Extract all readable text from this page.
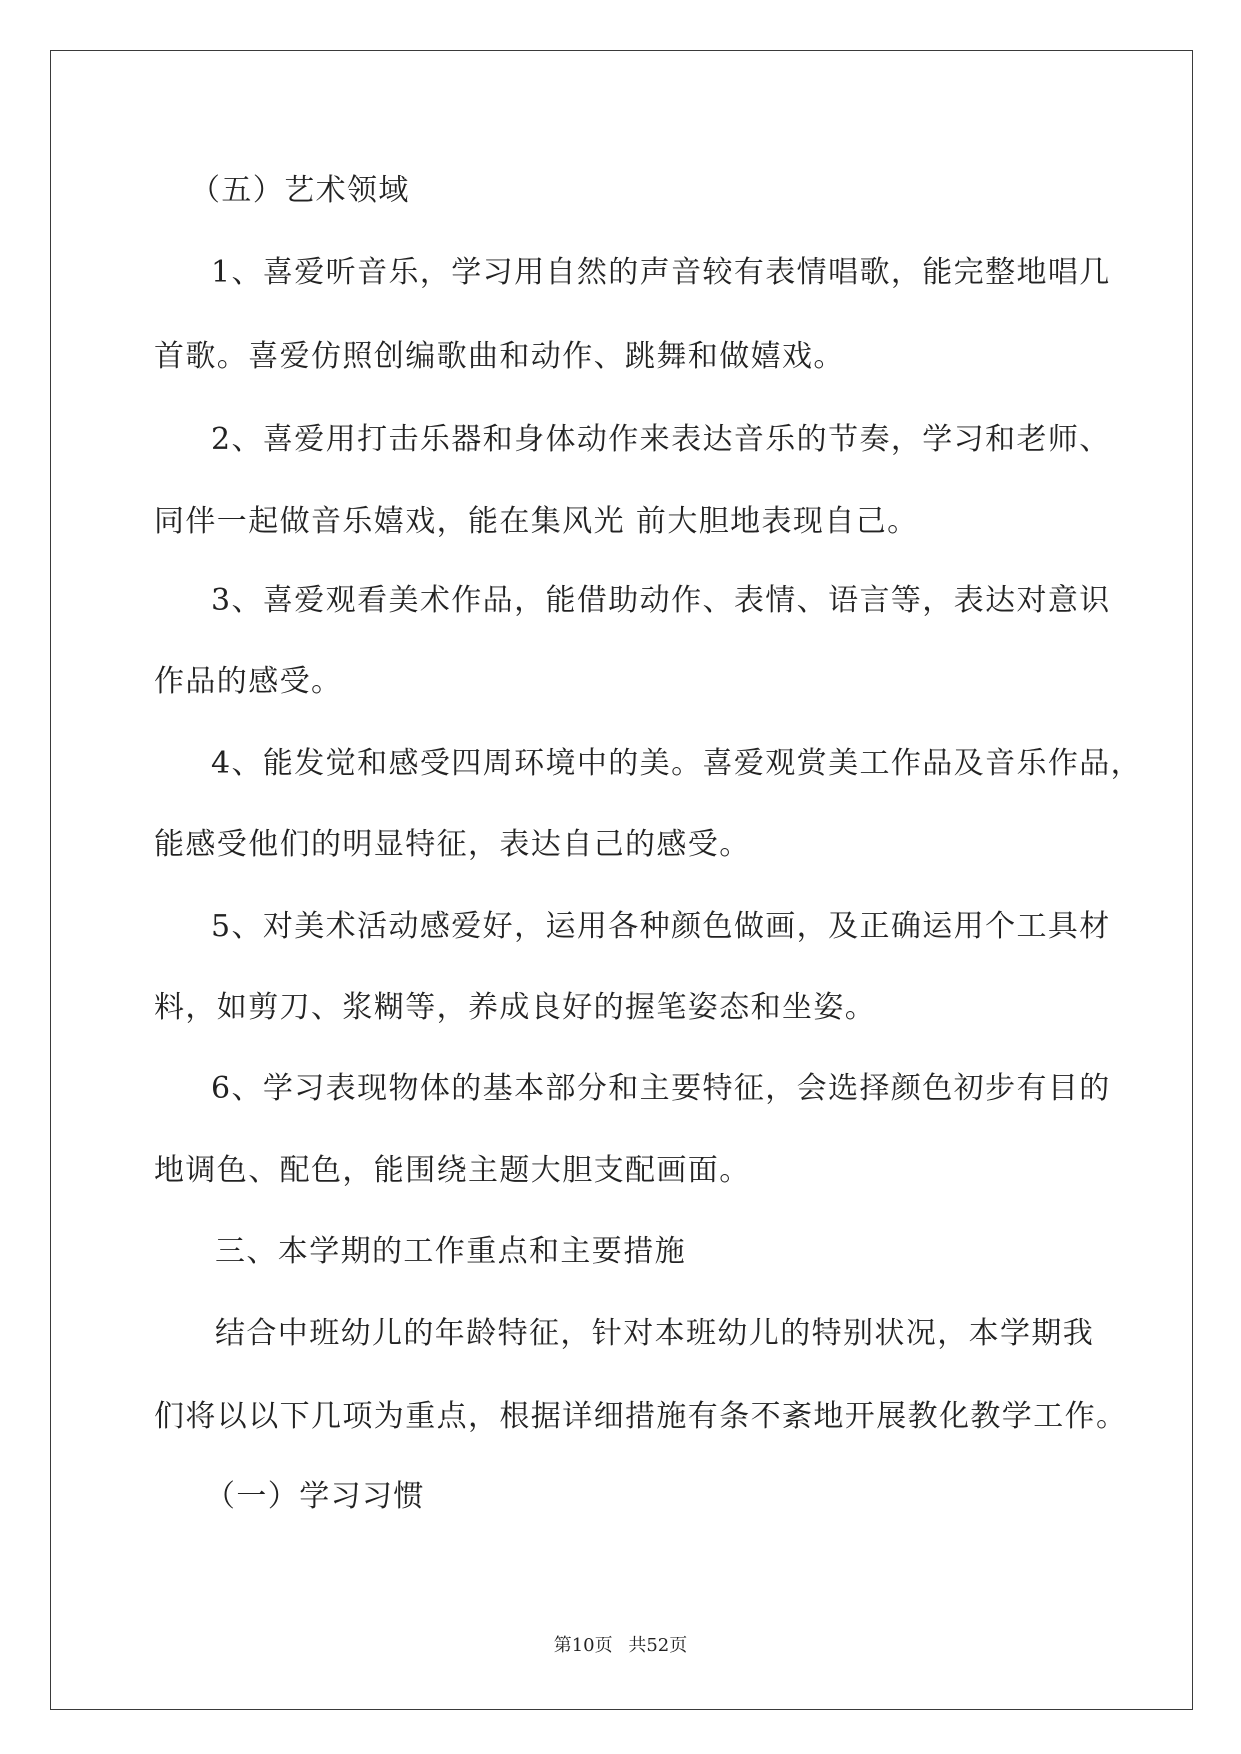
（五）艺术领域
1、喜爱听音乐，学习用自然的声音较有表情唱歌，能完整地唱几
首歌。喜爱仿照创编歌曲和动作、跳舞和做嬉戏。
2、喜爱用打击乐器和身体动作来表达音乐的节奏，学习和老师、
同伴一起做音乐嬉戏，能在集风光 前大胆地表现自己。
3、喜爱观看美术作品，能借助动作、表情、语言等，表达对意识
作品的感受。
4、能发觉和感受四周环境中的美。喜爱观赏美工作品及音乐作品，
能感受他们的明显特征，表达自己的感受。
5、对美术活动感爱好，运用各种颜色做画，及正确运用个工具材
料，如剪刀、浆糊等，养成良好的握笔姿态和坐姿。
6、学习表现物体的基本部分和主要特征，会选择颜色初步有目的
地调色、配色，能围绕主题大胆支配画面。
三、本学期的工作重点和主要措施
结合中班幼儿的年龄特征，针对本班幼儿的特别状况，本学期我
们将以以下几项为重点，根据详细措施有条不紊地开展教化教学工作。
（一）学习习惯
第10页 共52页
